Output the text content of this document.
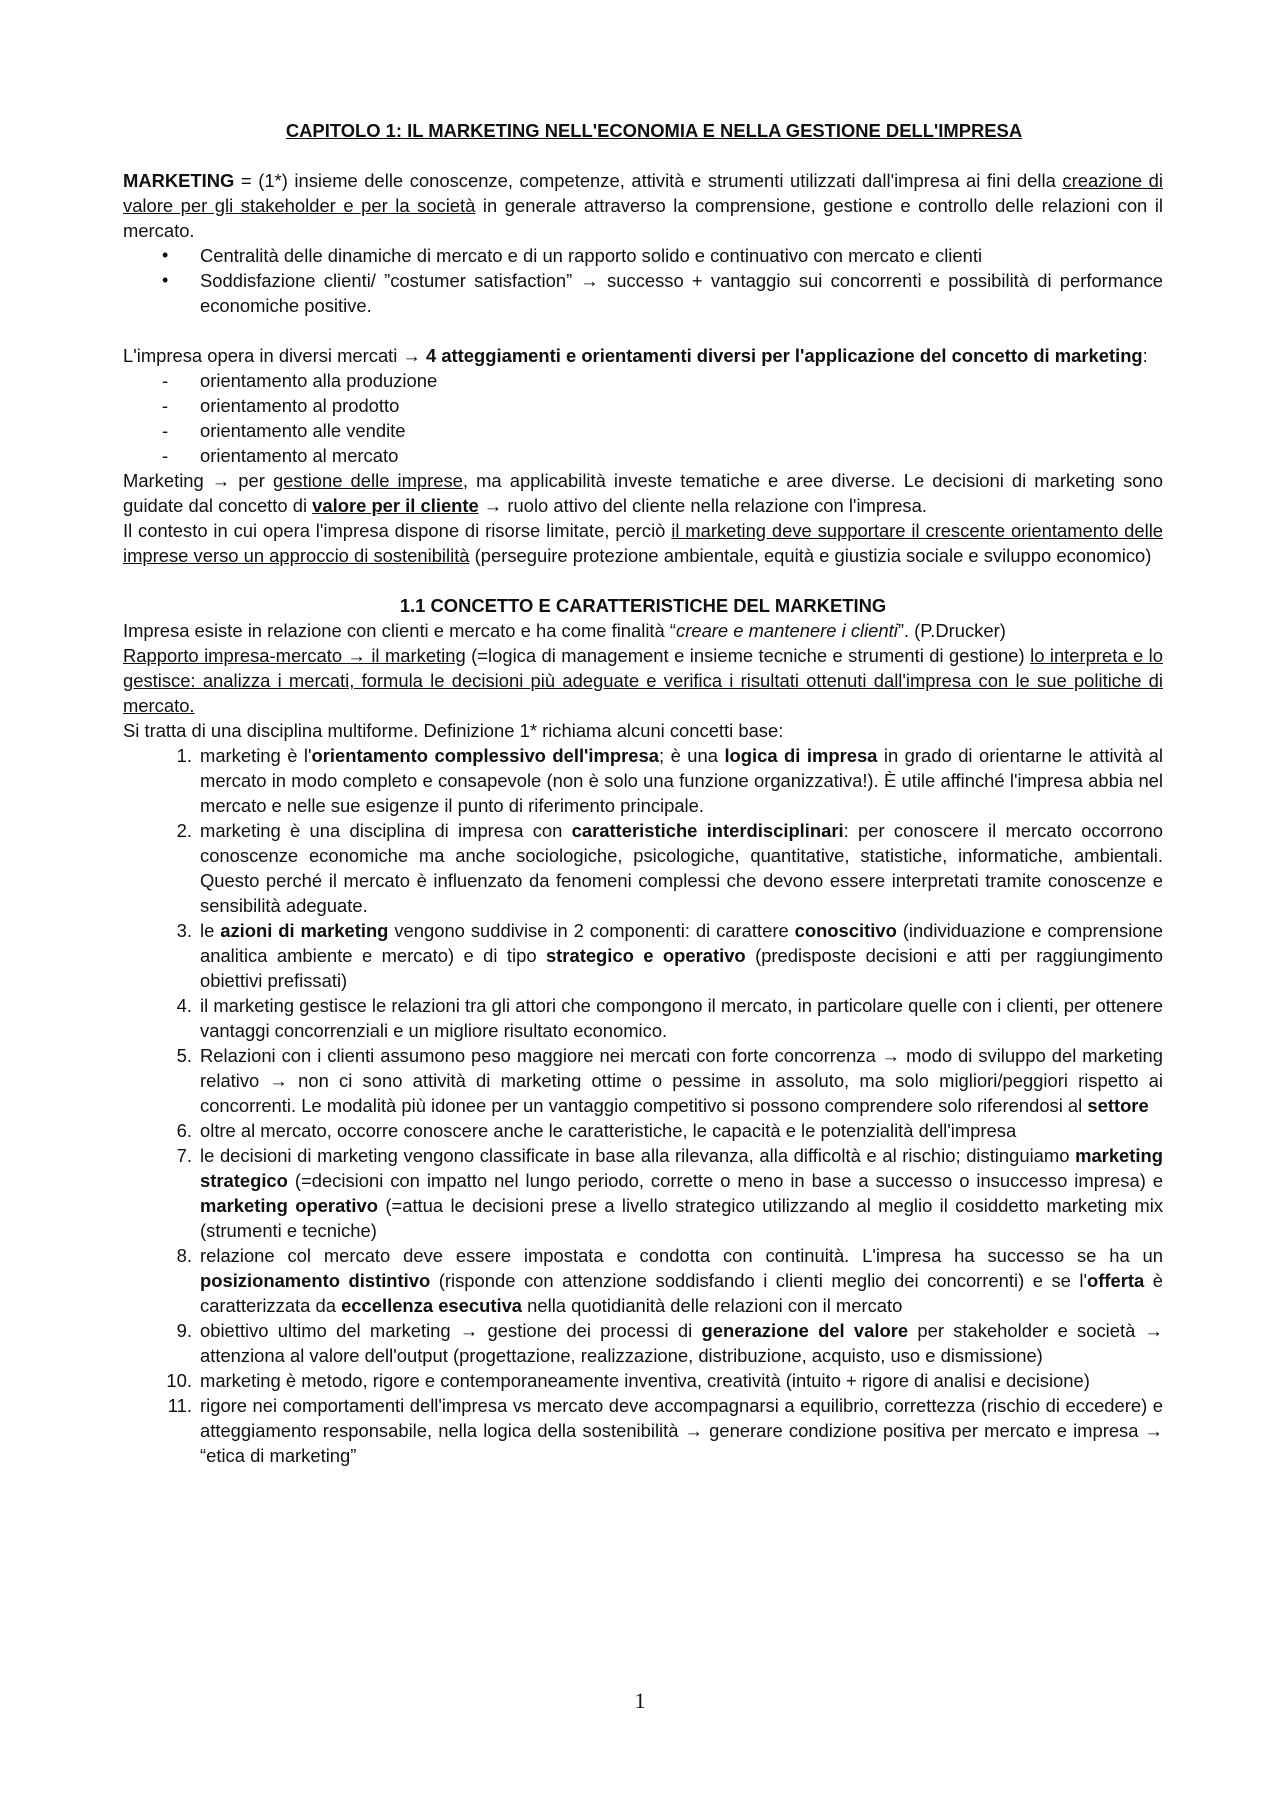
CAPITOLO 1: IL MARKETING NELL'ECONOMIA E NELLA GESTIONE DELL'IMPRESA

MARKETING = (1*) insieme delle conoscenze, competenze, attività e strumenti utilizzati dall'impresa ai fini della creazione di valore per gli stakeholder e per la società in generale attraverso la comprensione, gestione e controllo delle relazioni con il mercato.

• Centralità delle dinamiche di mercato e di un rapporto solido e continuativo con mercato e clienti
• Soddisfazione clienti/ ”costumer satisfaction” → successo + vantaggio sui concorrenti e possibilità di performance economiche positive.

L'impresa opera in diversi mercati → 4 atteggiamenti e orientamenti diversi per l'applicazione del concetto di marketing:

- orientamento alla produzione
- orientamento al prodotto
- orientamento alle vendite
- orientamento al mercato

Marketing → per gestione delle imprese, ma applicabilità investe tematiche e aree diverse. Le decisioni di marketing sono guidate dal concetto di valore per il cliente → ruolo attivo del cliente nella relazione con l'impresa.

Il contesto in cui opera l'impresa dispone di risorse limitate, perciò il marketing deve supportare il crescente orientamento delle imprese verso un approccio di sostenibilità (perseguire protezione ambientale, equità e giustizia sociale e sviluppo economico)

1.1 CONCETTO E CARATTERISTICHE DEL MARKETING

Impresa esiste in relazione con clienti e mercato e ha come finalità “creare e mantenere i clienti”. (P.Drucker)

Rapporto impresa-mercato → il marketing (=logica di management e insieme tecniche e strumenti di gestione) lo interpreta e lo gestisce: analizza i mercati, formula le decisioni più adeguate e verifica i risultati ottenuti dall'impresa con le sue politiche di mercato.

Si tratta di una disciplina multiforme. Definizione 1* richiama alcuni concetti base:

1. marketing è l'orientamento complessivo dell'impresa; è una logica di impresa in grado di orientarne le attività al mercato in modo completo e consapevole (non è solo una funzione organizzativa!). È utile affinché l'impresa abbia nel mercato e nelle sue esigenze il punto di riferimento principale.
2. marketing è una disciplina di impresa con caratteristiche interdisciplinari: per conoscere il mercato occorrono conoscenze economiche ma anche sociologiche, psicologiche, quantitative, statistiche, informatiche, ambientali. Questo perché il mercato è influenzato da fenomeni complessi che devono essere interpretati tramite conoscenze e sensibilità adeguate.
3. le azioni di marketing vengono suddivise in 2 componenti: di carattere conoscitivo (individuazione e comprensione analitica ambiente e mercato) e di tipo strategico e operativo (predisposte decisioni e atti per raggiungimento obiettivi prefissati)
4. il marketing gestisce le relazioni tra gli attori che compongono il mercato, in particolare quelle con i clienti, per ottenere vantaggi concorrenziali e un migliore risultato economico.
5. Relazioni con i clienti assumono peso maggiore nei mercati con forte concorrenza → modo di sviluppo del marketing relativo → non ci sono attività di marketing ottime o pessime in assoluto, ma solo migliori/peggiori rispetto ai concorrenti. Le modalità più idonee per un vantaggio competitivo si possono comprendere solo riferendosi al settore
6. oltre al mercato, occorre conoscere anche le caratteristiche, le capacità e le potenzialità dell'impresa
7. le decisioni di marketing vengono classificate in base alla rilevanza, alla difficoltà e al rischio; distinguiamo marketing strategico (=decisioni con impatto nel lungo periodo, corrette o meno in base a successo o insuccesso impresa) e marketing operativo (=attua le decisioni prese a livello strategico utilizzando al meglio il cosiddetto marketing mix (strumenti e tecniche)
8. relazione col mercato deve essere impostata e condotta con continuità. L'impresa ha successo se ha un posizionamento distintivo (risponde con attenzione soddisfando i clienti meglio dei concorrenti) e se l'offerta è caratterizzata da eccellenza esecutiva nella quotidianità delle relazioni con il mercato
9. obiettivo ultimo del marketing → gestione dei processi di generazione del valore per stakeholder e società → attenziona al valore dell'output (progettazione, realizzazione, distribuzione, acquisto, uso e dismissione)
10. marketing è metodo, rigore e contemporaneamente inventiva, creatività (intuito + rigore di analisi e decisione)
11. rigore nei comportamenti dell'impresa vs mercato deve accompagnarsi a equilibrio, correttezza (rischio di eccedere) e atteggiamento responsabile, nella logica della sostenibilità → generare condizione positiva per mercato e impresa → “etica di marketing”
1
